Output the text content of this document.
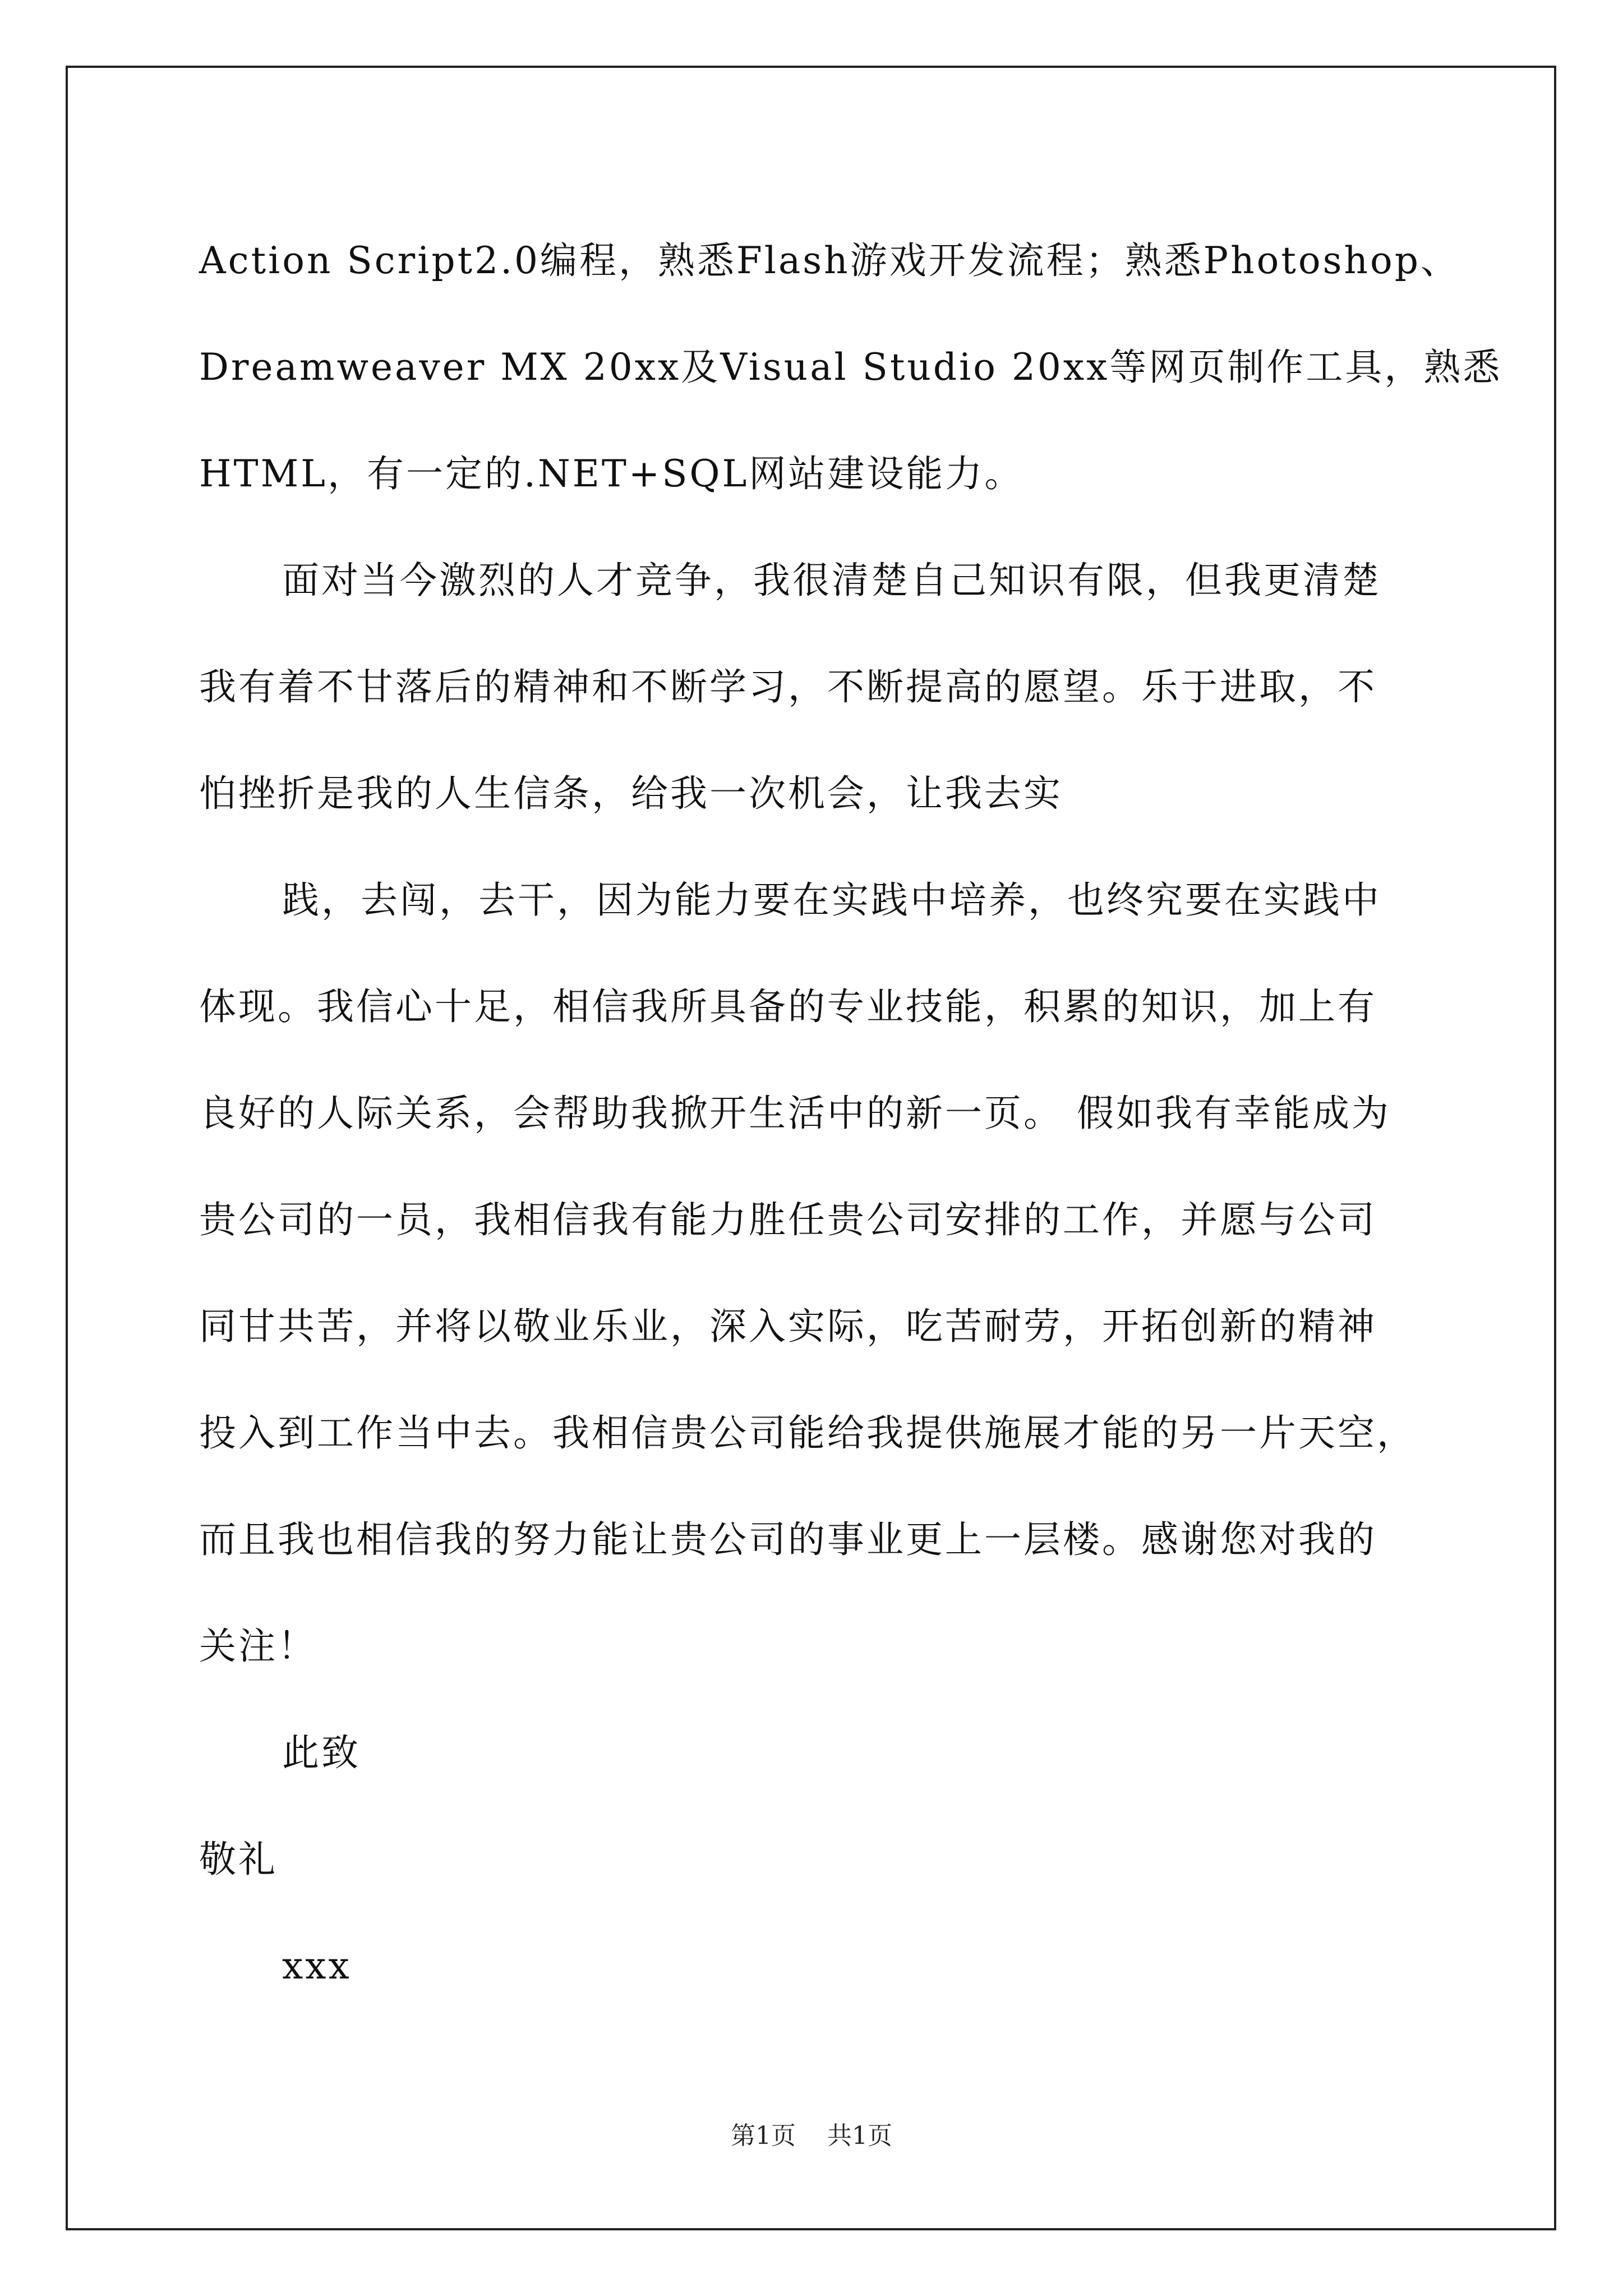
Action Script2.0编程，熟悉Flash游戏开发流程；熟悉Photoshop、
Dreamweaver MX 20xx及Visual Studio 20xx等网页制作工具，熟悉
HTML，有一定的.NET+SQL网站建设能力。
面对当今激烈的人才竞争，我很清楚自己知识有限，但我更清楚
我有着不甘落后的精神和不断学习，不断提高的愿望。乐于进取，不
怕挫折是我的人生信条，给我一次机会，让我去实
践，去闯，去干，因为能力要在实践中培养，也终究要在实践中
体现。我信心十足，相信我所具备的专业技能，积累的知识，加上有
良好的人际关系，会帮助我掀开生活中的新一页。 假如我有幸能成为
贵公司的一员，我相信我有能力胜任贵公司安排的工作，并愿与公司
同甘共苦，并将以敬业乐业，深入实际，吃苦耐劳，开拓创新的精神
投入到工作当中去。我相信贵公司能给我提供施展才能的另一片天空，
而且我也相信我的努力能让贵公司的事业更上一层楼。感谢您对我的
关注！
此致
敬礼
xxx
第1页 共1页
